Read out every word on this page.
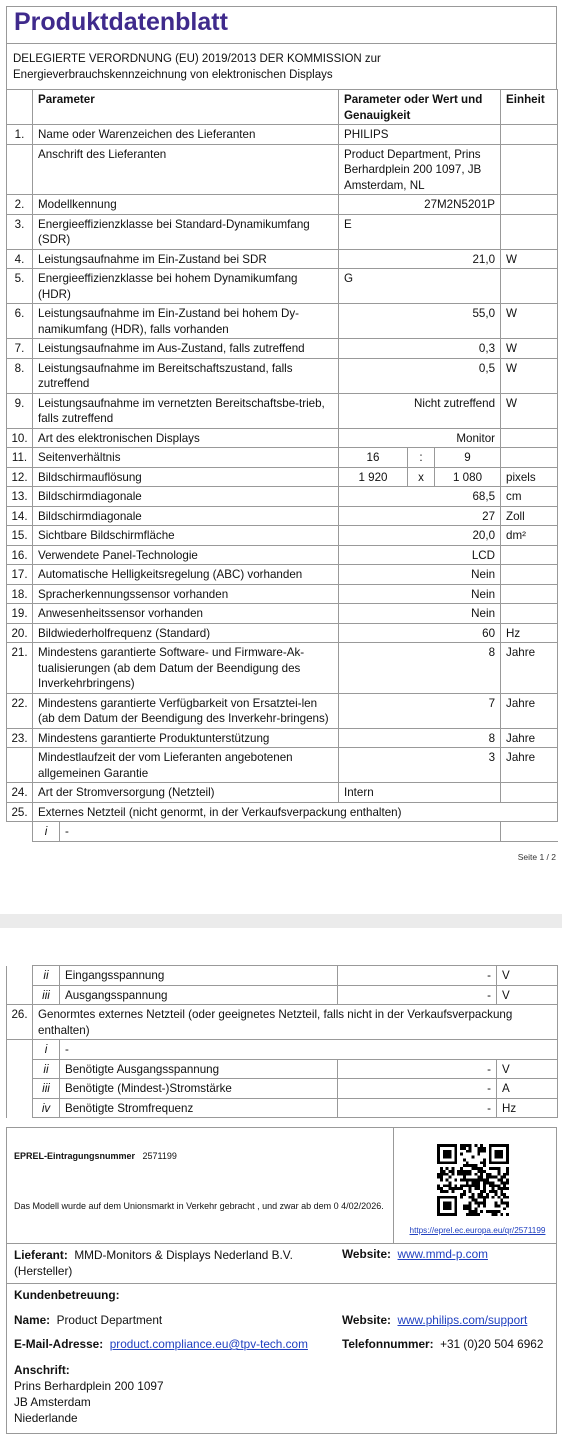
Produktdatenblatt
DELEGIERTE VERORDNUNG (EU) 2019/2013 DER KOMMISSION zur Energieverbrauchskennzeichnung von elektronischen Displays
	Parameter		Parameter oder Wert und Genauigkeit			Einheit
1.	Name oder Warenzeichen des Lieferanten		PHILIPS			
	Anschrift des Lieferanten		Product Department, Prins Berhardplein 200 1097, JB Amsterdam, NL			
2.	Modellkennung		27M2N5201P			
3.	Energieeffizienzklasse bei Standard-Dynamikumfang (SDR)		E			
4.	Leistungsaufnahme im Ein-Zustand bei SDR		21,0			W
5.	Energieeffizienzklasse bei hohem Dynamikumfang (HDR)		G			
6.	Leistungsaufnahme im Ein-Zustand bei hohem Dy-namikumfang (HDR), falls vorhanden		55,0			W
7.	Leistungsaufnahme im Aus-Zustand, falls zutreffend		0,3			W
8.	Leistungsaufnahme im Bereitschaftszustand, falls zutreffend		0,5			W
9.	Leistungsaufnahme im vernetzten Bereitschaftsbe-trieb, falls zutreffend		Nicht zutreffend			W
10.	Art des elektronischen Displays		Monitor			
11.	Seitenverhältnis		16	:	9	
12.	Bildschirmauflösung		1 920	x	1 080	pixels
13.	Bildschirmdiagonale		68,5			cm
14.	Bildschirmdiagonale		27			Zoll
15.	Sichtbare Bildschirmfläche		20,0			dm²
16.	Verwendete Panel-Technologie		LCD			
17.	Automatische Helligkeitsregelung (ABC) vorhanden		Nein			
18.	Spracherkennungssensor vorhanden		Nein			
19.	Anwesenheitssensor vorhanden		Nein			
20.	Bildwiederholfrequenz (Standard)		60			Hz
21.	Mindestens garantierte Software- und Firmware-Ak-tualisierungen (ab dem Datum der Beendigung des Inverkehrbringens)		8			Jahre
22.	Mindestens garantierte Verfügbarkeit von Ersatztei-len (ab dem Datum der Beendigung des Inverkehr-bringens)		7			Jahre
23.	Mindestens garantierte Produktunterstützung		8			Jahre
	Mindestlaufzeit der vom Lieferanten angebotenen allgemeinen Garantie		3			Jahre
24.	Art der Stromversorgung (Netzteil)		Intern			
25.	Externes Netzteil (nicht genormt, in der Verkaufsverpackung enthalten)					
	i	-				
Seite 1 / 2
	ii	Eingangsspannung	-	V
	iii	Ausgangsspannung	-	V
26.	Genormtes externes Netzteil (oder geeignetes Netzteil, falls nicht in der Verkaufsverpackung enthalten)			
	i	-		
	ii	Benötigte Ausgangsspannung	-	V
	iii	Benötigte (Mindest-)Stromstärke	-	A
	iv	Benötigte Stromfrequenz	-	Hz
EPREL-Eintragungsnummer 2571199
Das Modell wurde auf dem Unionsmarkt in Verkehr gebracht , und zwar ab dem 0 4/02/2026.
https://eprel.ec.europa.eu/qr/2571199
Lieferant: MMD-Monitors & Displays Nederland B.V. (Hersteller)
Website: www.mmd-p.com
Kundenbetreuung:
Name: Product Department	Website: www.philips.com/support
E-Mail-Adresse: product.compliance.eu@tpv-tech.com	Telefonnummer: +31 (0)20 504 6962
Anschrift:
Prins Berhardplein 200 1097
JB Amsterdam
Niederlande
